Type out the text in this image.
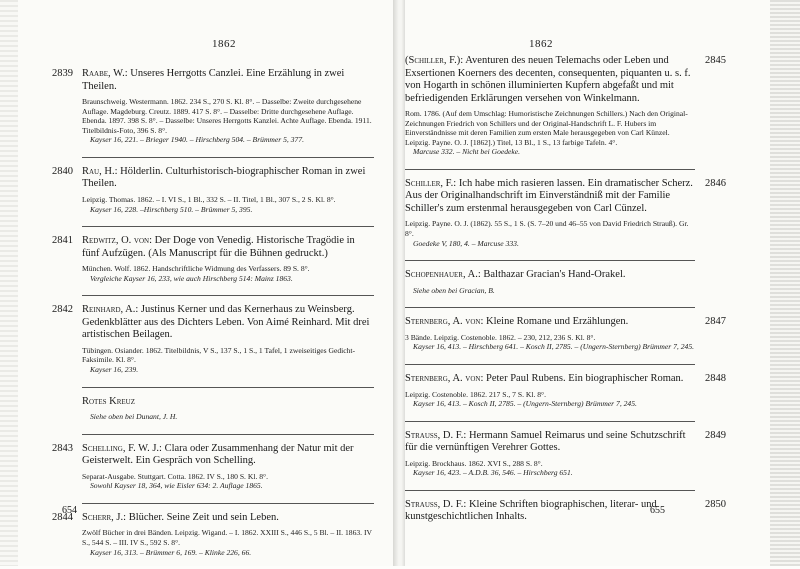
1862
2839 Raabe, W.: Unseres Herrgotts Canzlei. Eine Erzählung in zwei Theilen.
Braunschweig. Westermann. 1862. 234 S., 270 S. Kl. 8°. – Dasselbe: Zweite durchgesehene Auflage. Magdeburg. Creutz. 1889. 417 S. 8°. – Dasselbe: Dritte durchgesehene Auflage. Ebenda. 1897. 398 S. 8°. – Dasselbe: Unseres Herrgotts Kanzlei. Achte Auflage. Ebenda. 1911. Titelbildnis-Foto, 396 S. 8°.
Kayser 16, 221. – Brieger 1940. – Hirschberg 504. – Brümmer 5, 377.
2840 Rau, H.: Hölderlin. Culturhistorisch-biographischer Roman in zwei Theilen.
Leipzig. Thomas. 1862. – I. VI S., 1 Bl., 332 S. – II. Titel, 1 Bl., 307 S., 2 S. Kl. 8°.
Kayser 16, 228. –Hirschberg 510. – Brümmer 5, 395.
2841 Redwitz, O. von: Der Doge von Venedig. Historische Tragödie in fünf Aufzügen. (Als Manuscript für die Bühnen gedruckt.)
München. Wolf. 1862. Handschriftliche Widmung des Verfassers. 89 S. 8°.
Vergleiche Kayser 16, 233, wie auch Hirschberg 514: Mainz 1863.
2842 Reinhard, A.: Justinus Kerner und das Kernerhaus zu Weinsberg. Gedenkblätter aus des Dichters Leben. Von Aimé Reinhard. Mit drei artistischen Beilagen.
Tübingen. Osiander. 1862. Titelbildnis, V S., 137 S., 1 S., 1 Tafel, 1 zweiseitiges Gedicht-Faksimile. Kl. 8°.
Kayser 16, 239.
Rotes Kreuz
Siehe oben bei Dunant, J. H.
2843 Schelling, F. W. J.: Clara oder Zusammenhang der Natur mit der Geisterwelt. Ein Gespräch von Schelling.
Separat-Ausgabe. Stuttgart. Cotta. 1862. IV S., 180 S. Kl. 8°.
Sowohl Kayser 18, 364, wie Eisler 634: 2. Auflage 1865.
2844 Scherr, J.: Blücher. Seine Zeit und sein Leben.
Zwölf Bücher in drei Bänden. Leipzig. Wigand. – I. 1862. XXIII S., 446 S., 5 Bl. – II. 1863. IV S., 544 S. – III. IV S., 592 S. 8°.
Kayser 16, 313. – Brümmer 6, 169. – Klinke 226, 66.
654
1862
2845
(Schiller, F.): Aventuren des neuen Telemachs oder Leben und Exsertionen Koerners des decenten, consequenten, piquanten u. s. f. von Hogarth in schönen illuminierten Kupfern abgefaßt und mit befriedigenden Erklärungen versehen von Winkelmann.
Rom. 1786. (Auf dem Umschlag: Humoristische Zeichnungen Schillers.) Nach den Original-Zeichnungen Friedrich von Schillers und der Original-Handschrift L. F. Hubers im Einverständnisse mit deren Familien zum ersten Male herausgegeben von Carl Künzel. Leipzig. Payne. O. J. [1862].) Titel, 13 Bl., 1 S., 13 farbige Tafeln. 4°.
Marcuse 332. – Nicht bei Goedeke.
2846
Schiller, F.: Ich habe mich rasieren lassen. Ein dramatischer Scherz. Aus der Originalhandschrift im Einverständniß mit der Familie Schiller's zum erstenmal herausgegeben von Carl Cünzel.
Leipzig. Payne. O. J. (1862). 55 S., 1 S. (S. 7–20 und 46–55 von David Friedrich Strauß). Gr. 8°.
Goedeke V, 180, 4. – Marcuse 333.
Schopenhauer, A.: Balthazar Gracian's Hand-Orakel.
Siehe oben bei Gracian, B.
2847
Sternberg, A. von: Kleine Romane und Erzählungen.
3 Bände. Leipzig. Costenoble. 1862. – 230, 212, 236 S. Kl. 8°.
Kayser 16, 413. – Hirschberg 641. – Kosch II, 2785. – (Ungern-Sternberg) Brümmer 7, 245.
2848
Sternberg, A. von: Peter Paul Rubens. Ein biographischer Roman.
Leipzig. Costenoble. 1862. 217 S., 7 S. Kl. 8°.
Kayser 16, 413. – Kosch II, 2785. – (Ungern-Sternberg) Brümmer 7, 245.
2849
Strauss, D. F.: Hermann Samuel Reimarus und seine Schutzschrift für die vernünftigen Verehrer Gottes.
Leipzig. Brockhaus. 1862. XVI S., 288 S. 8°.
Kayser 16, 423. – A.D.B. 36, 546. – Hirschberg 651.
2850
Strauss, D. F.: Kleine Schriften biographischen, literar- und kunstgeschichtlichen Inhalts.
655
